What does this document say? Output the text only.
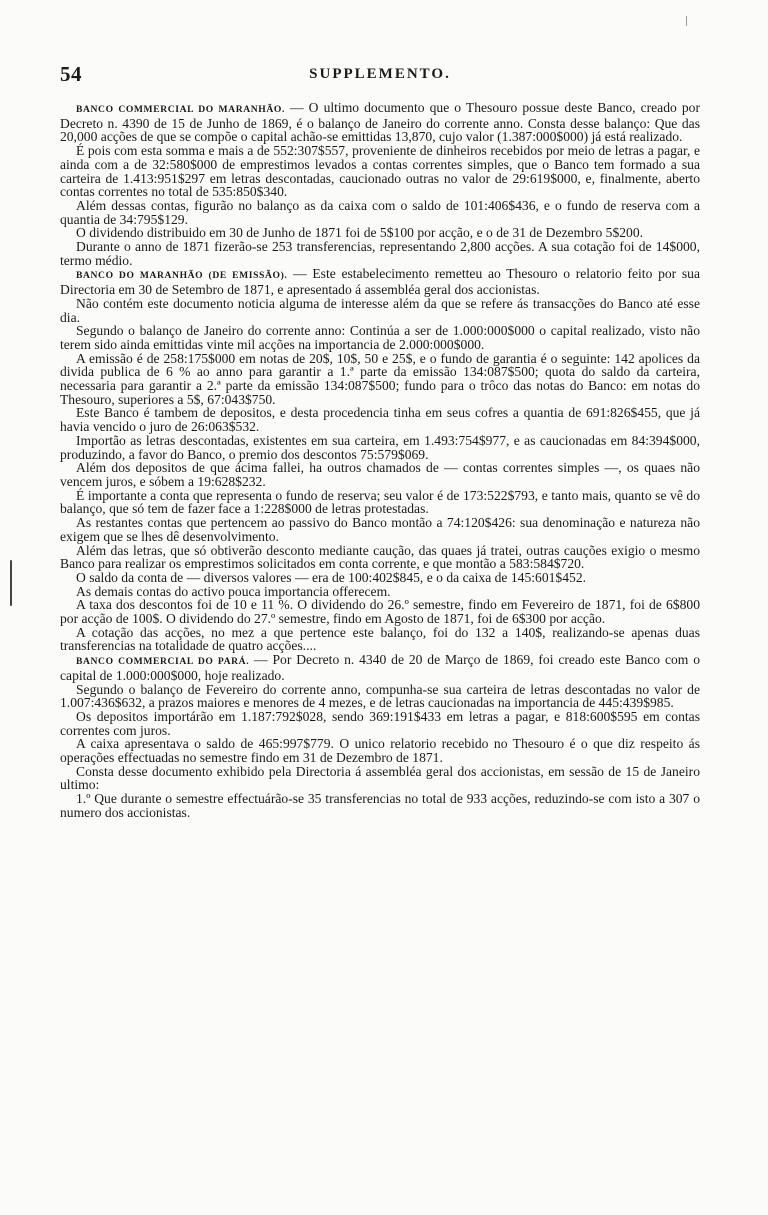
54	SUPPLEMENTO.

BANCO COMMERCIAL DO MARANHÃO. — O ultimo documento que o Thesouro possue deste Banco, creado por Decreto n. 4390 de 15 de Junho de 1869, é o balanço de Janeiro do corrente anno. Consta desse balanço: Que das 20,000 acções de que se compõe o capital achão-se emittidas 13,870, cujo valor (1.387:000$000) já está realizado.

É pois com esta somma e mais a de 552:307$557, proveniente de dinheiros recebidos por meio de letras a pagar, e ainda com a de 32:580$000 de emprestimos levados a contas correntes simples, que o Banco tem formado a sua carteira de 1.413:951$297 em letras descontadas, caucionado outras no valor de 29:619$000, e, finalmente, aberto contas correntes no total de 535:850$340.

Além dessas contas, figurão no balanço as da caixa com o saldo de 101:406$436, e o fundo de reserva com a quantia de 34:795$129.

O dividendo distribuido em 30 de Junho de 1871 foi de 5$100 por acção, e o de 31 de Dezembro 5$200.

Durante o anno de 1871 fizerão-se 253 transferencias, representando 2,800 acções. A sua cotação foi de 14$000, termo médio.

BANCO DO MARANHÃO (DE EMISSÃO). — Este estabelecimento remetteu ao Thesouro o relatorio feito por sua Directoria em 30 de Setembro de 1871, e apresentado á assembléa geral dos accionistas.

Não contém este documento noticia alguma de interesse além da que se refere ás transacções do Banco até esse dia.

Segundo o balanço de Janeiro do corrente anno: Continúa a ser de 1.000:000$000 o capital realizado, visto não terem sido ainda emittidas vinte mil acções na importancia de 2.000:000$000.

A emissão é de 258:175$000 em notas de 20$, 10$, 50 e 25$, e o fundo de garantia é o seguinte: 142 apolices da divida publica de 6 % ao anno para garantir a 1.ª parte da emissão 134:087$500; quota do saldo da carteira, necessaria para garantir a 2.ª parte da emissão 134:087$500; fundo para o trôco das notas do Banco: em notas do Thesouro, superiores a 5$, 67:043$750.

Este Banco é tambem de depositos, e desta procedencia tinha em seus cofres a quantia de 691:826$455, que já havia vencido o juro de 26:063$532.

Importão as letras descontadas, existentes em sua carteira, em 1.493:754$977, e as caucionadas em 84:394$000, produzindo, a favor do Banco, o premio dos descontos 75:579$069.

Além dos depositos de que ácima fallei, ha outros chamados de — contas correntes simples —, os quaes não vencem juros, e sóbem a 19:628$232.

É importante a conta que representa o fundo de reserva; seu valor é de 173:522$793, e tanto mais, quanto se vê do balanço, que só tem de fazer face a 1:228$000 de letras protestadas.

As restantes contas que pertencem ao passivo do Banco montão a 74:120$426: sua denominação e natureza não exigem que se lhes dê desenvolvimento.

Além das letras, que só obtiverão desconto mediante caução, das quaes já tratei, outras cauções exigio o mesmo Banco para realizar os emprestimos solicitados em conta corrente, e que montão a 583:584$720.

O saldo da conta de — diversos valores — era de 100:402$845, e o da caixa de 145:601$452.

As demais contas do activo pouca importancia offerecem.

A taxa dos descontos foi de 10 e 11 %. O dividendo do 26.º semestre, findo em Fevereiro de 1871, foi de 6$800 por acção de 100$. O dividendo do 27.º semestre, findo em Agosto de 1871, foi de 6$300 por acção.

A cotação das acções, no mez a que pertence este balanço, foi do 132 a 140$, realizando-se apenas duas transferencias na totalidade de quatro acções....

BANCO COMMERCIAL DO PARÁ. — Por Decreto n. 4340 de 20 de Março de 1869, foi creado este Banco com o capital de 1.000:000$000, hoje realizado.

Segundo o balanço de Fevereiro do corrente anno, compunha-se sua carteira de letras descontadas no valor de 1.007:436$632, a prazos maiores e menores de 4 mezes, e de letras caucionadas na importancia de 445:439$985.

Os depositos importárão em 1.187:792$028, sendo 369:191$433 em letras a pagar, e 818:600$595 em contas correntes com juros.

A caixa apresentava o saldo de 465:997$779. O unico relatorio recebido no Thesouro é o que diz respeito ás operações effectuadas no semestre findo em 31 de Dezembro de 1871.

Consta desse documento exhibido pela Directoria á assembléa geral dos accionistas, em sessão de 15 de Janeiro ultimo:

1.º Que durante o semestre effectuárão-se 35 transferencias no total de 933 acções, reduzindo-se com isto a 307 o numero dos accionistas.
